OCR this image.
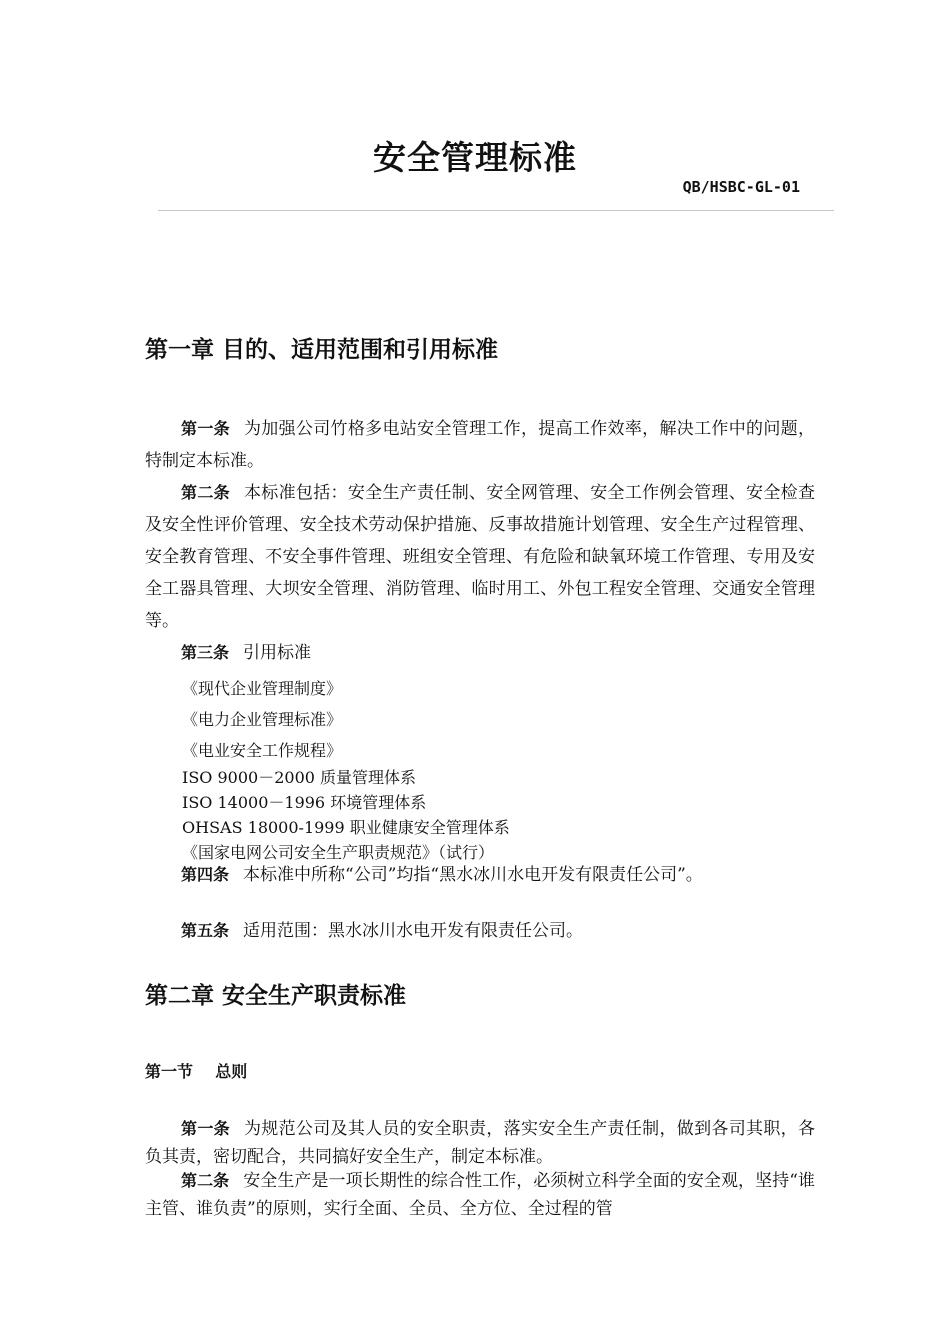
安全管理标准
QB/HSBC-GL-01
第一章 目的、适用范围和引用标准
第一条 为加强公司竹格多电站安全管理工作，提高工作效率，解决工作中的问题，特制定本标准。
第二条 本标准包括：安全生产责任制、安全网管理、安全工作例会管理、安全检查及安全性评价管理、安全技术劳动保护措施、反事故措施计划管理、安全生产过程管理、安全教育管理、不安全事件管理、班组安全管理、有危险和缺氧环境工作管理、专用及安全工器具管理、大坝安全管理、消防管理、临时用工、外包工程安全管理、交通安全管理等。
第三条 引用标准
《现代企业管理制度》
《电力企业管理标准》
《电业安全工作规程》
ISO 9000－2000 质量管理体系
ISO 14000－1996 环境管理体系
OHSAS 18000-1999 职业健康安全管理体系
《国家电网公司安全生产职责规范》（试行）
第四条 本标准中所称“公司”均指“黑水冰川水电开发有限责任公司”。
第五条 适用范围：黑水冰川水电开发有限责任公司。
第二章 安全生产职责标准
第一节    总则
第一条 为规范公司及其人员的安全职责，落实安全生产责任制，做到各司其职，各负其责，密切配合，共同搞好安全生产，制定本标准。
第二条 安全生产是一项长期性的综合性工作，必须树立科学全面的安全观，坚持“谁主管、谁负责”的原则，实行全面、全员、全方位、全过程的管
